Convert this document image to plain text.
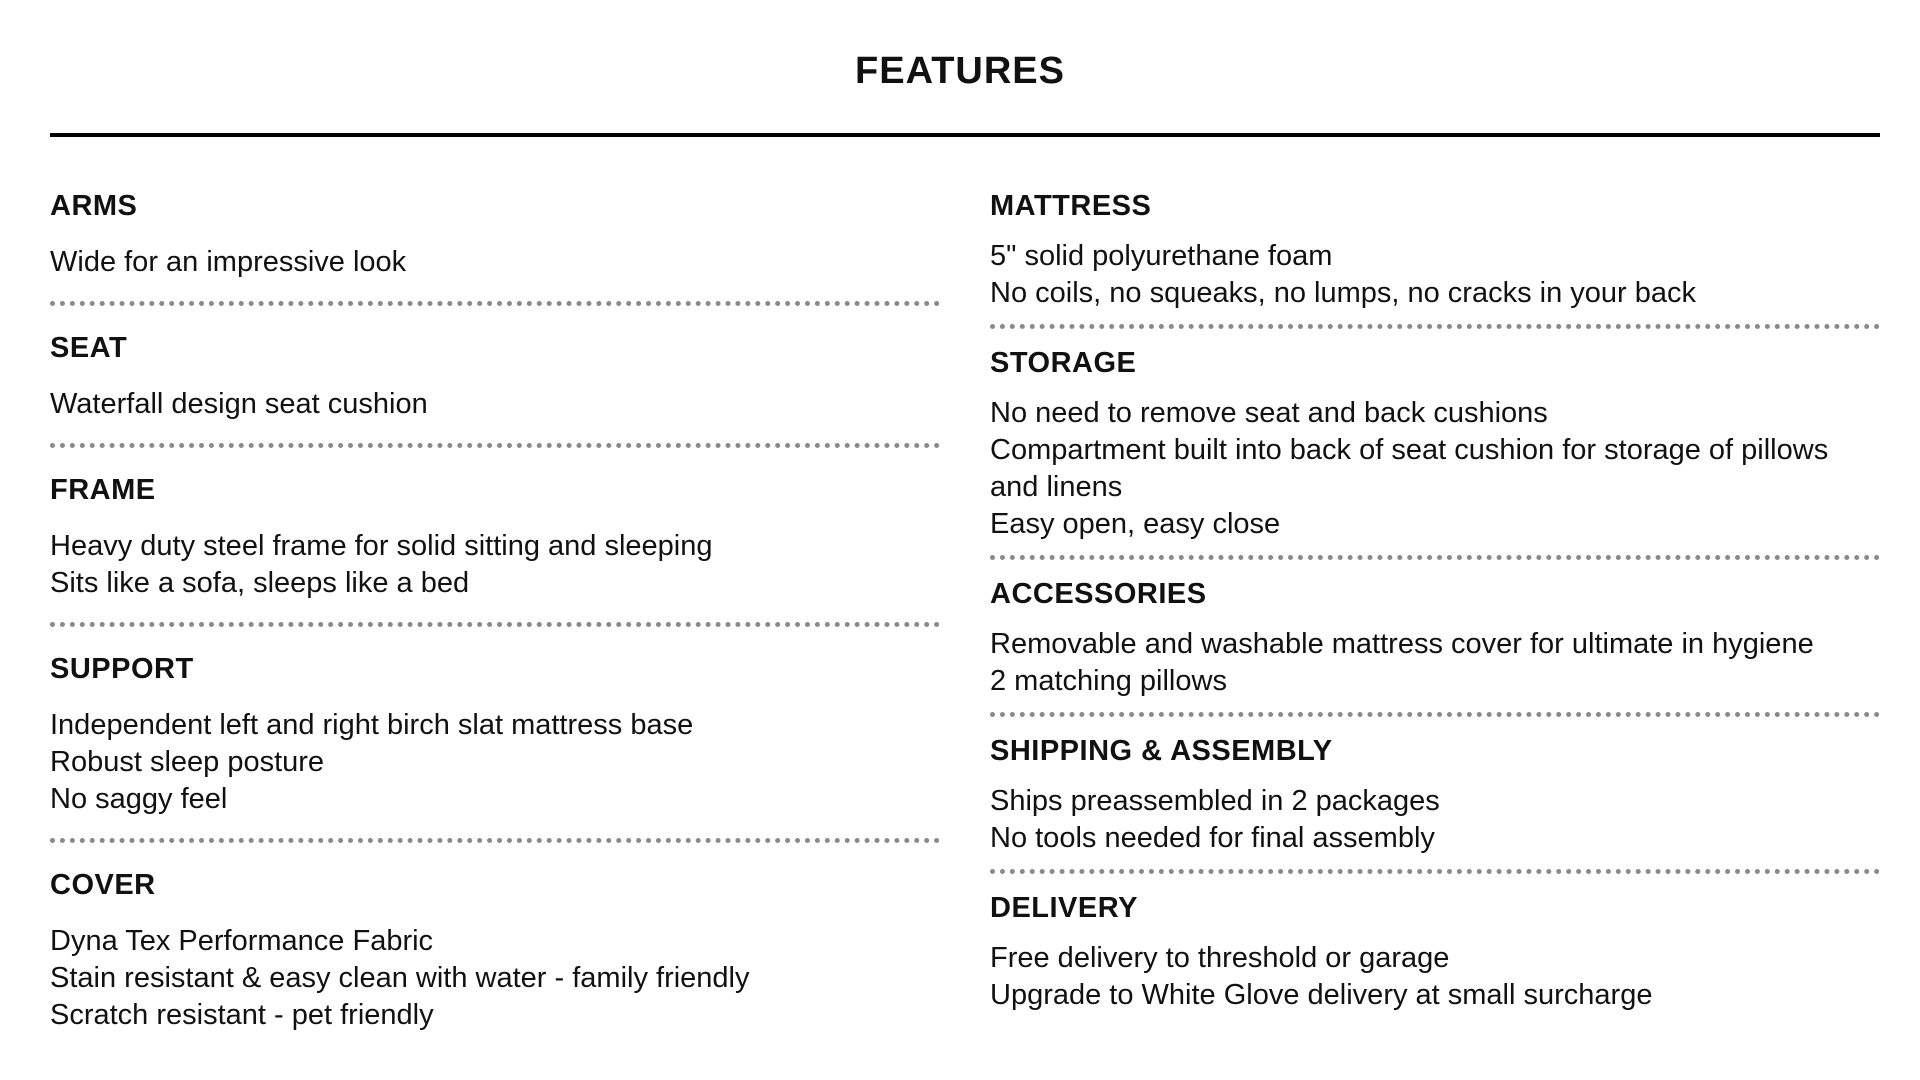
FEATURES
ARMS
Wide for an impressive look
SEAT
Waterfall design seat cushion
FRAME
Heavy duty steel frame for solid sitting and sleeping
Sits like a sofa, sleeps like a bed
SUPPORT
Independent left and right birch slat mattress base
Robust sleep posture
No saggy feel
COVER
Dyna Tex Performance Fabric
Stain resistant & easy clean with water - family friendly
Scratch resistant - pet friendly
MATTRESS
5" solid polyurethane foam
No coils, no squeaks, no lumps, no cracks in your back
STORAGE
No need to remove seat and back cushions
Compartment built into back of seat cushion for storage of pillows and linens
Easy open, easy close
ACCESSORIES
Removable and washable mattress cover for ultimate in hygiene
2 matching pillows
SHIPPING & ASSEMBLY
Ships preassembled in 2 packages
No tools needed for final assembly
DELIVERY
Free delivery to threshold or garage
Upgrade to White Glove delivery at small surcharge
